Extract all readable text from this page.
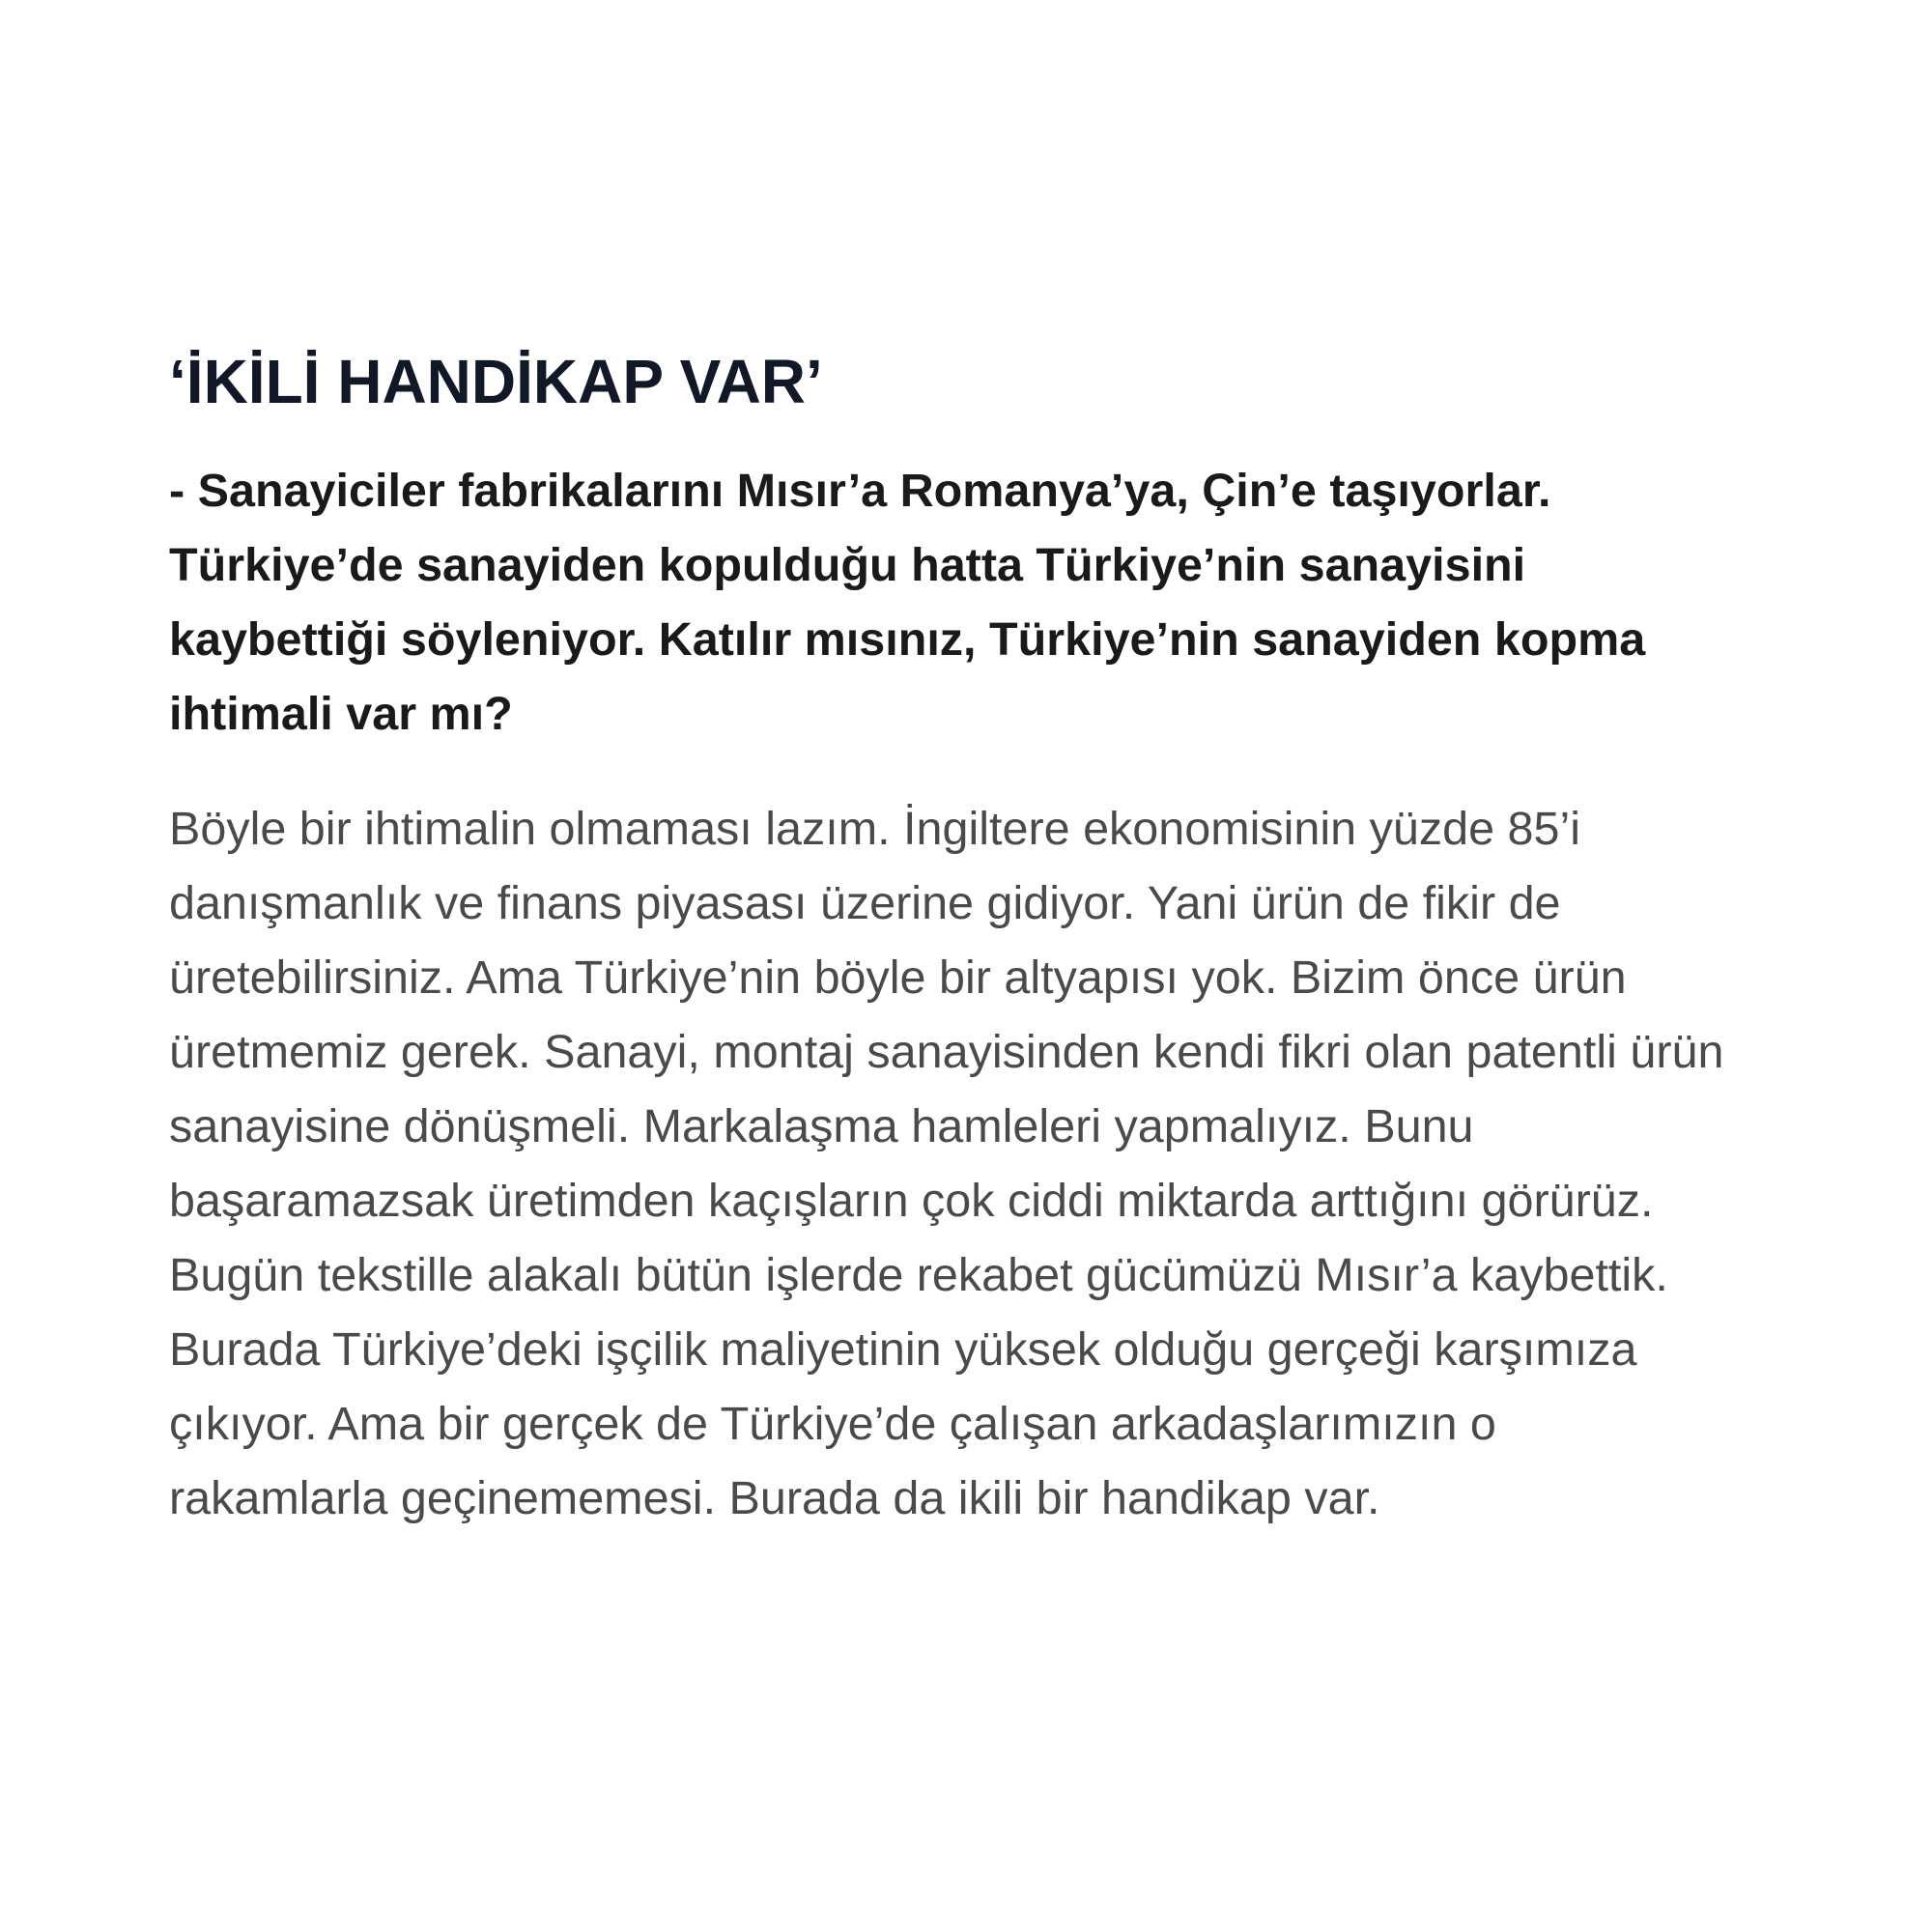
‘İKİLİ HANDİKAP VAR’

- Sanayiciler fabrikalarını Mısır’a Romanya’ya, Çin’e taşıyorlar.
Türkiye’de sanayiden kopulduğu hatta Türkiye’nin sanayisini
kaybettiği söyleniyor. Katılır mısınız, Türkiye’nin sanayiden kopma
ihtimali var mı?

Böyle bir ihtimalin olmaması lazım. İngiltere ekonomisinin yüzde 85’i
danışmanlık ve finans piyasası üzerine gidiyor. Yani ürün de fikir de
üretebilirsiniz. Ama Türkiye’nin böyle bir altyapısı yok. Bizim önce ürün
üretmemiz gerek. Sanayi, montaj sanayisinden kendi fikri olan patentli ürün
sanayisine dönüşmeli. Markalaşma hamleleri yapmalıyız. Bunu
başaramazsak üretimden kaçışların çok ciddi miktarda arttığını görürüz.
Bugün tekstille alakalı bütün işlerde rekabet gücümüzü Mısır’a kaybettik.
Burada Türkiye’deki işçilik maliyetinin yüksek olduğu gerçeği karşımıza
çıkıyor. Ama bir gerçek de Türkiye’de çalışan arkadaşlarımızın o
rakamlarla geçinememesi. Burada da ikili bir handikap var.
